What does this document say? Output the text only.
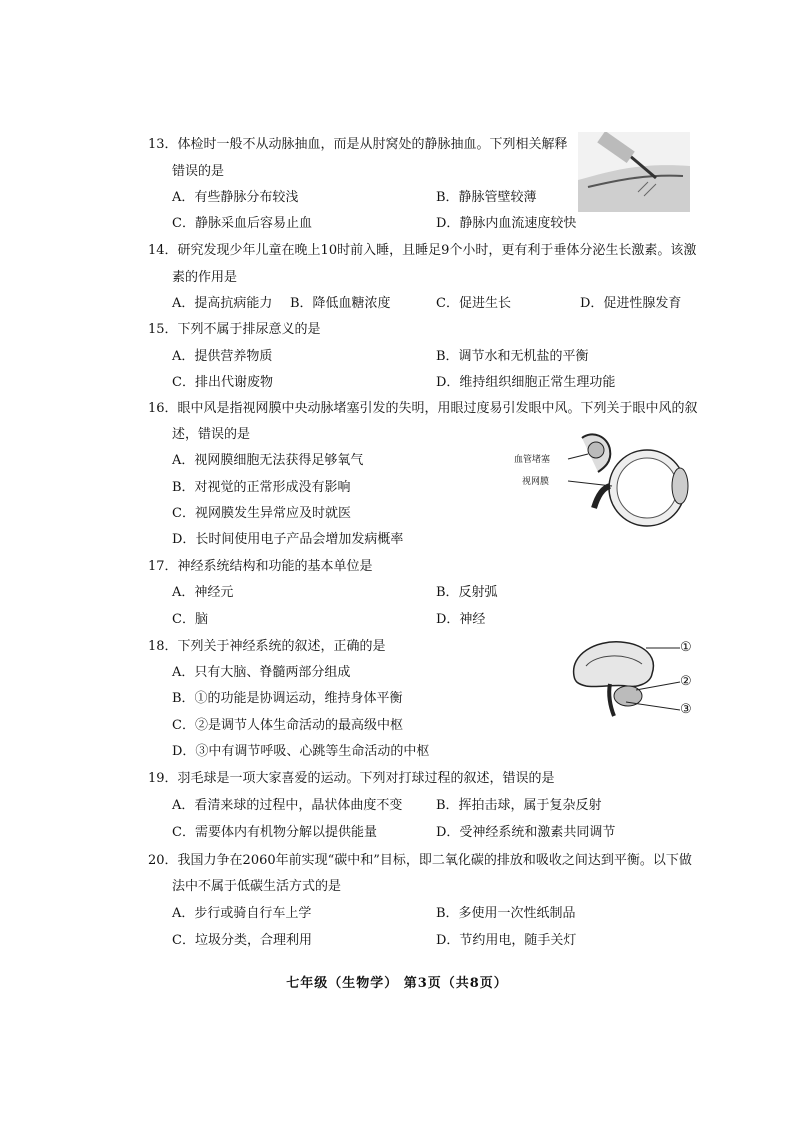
13．体检时一般不从动脉抽血，而是从肘窝处的静脉抽血。下列相关解释
错误的是
A．有些静脉分布较浅	B．静脉管壁较薄
C．静脉采血后容易止血	D．静脉内血流速度较快
14．研究发现少年儿童在晚上10时前入睡，且睡足9个小时，更有利于垂体分泌生长激素。该激
素的作用是
A．提高抗病能力 B．降低血糖浓度	C．促进生长	D．促进性腺发育
15．下列不属于排尿意义的是
A．提供营养物质	B．调节水和无机盐的平衡
C．排出代谢废物	D．维持组织细胞正常生理功能
16．眼中风是指视网膜中央动脉堵塞引发的失明，用眼过度易引发眼中风。下列关于眼中风的叙
述，错误的是
A．视网膜细胞无法获得足够氧气
B．对视觉的正常形成没有影响
C．视网膜发生异常应及时就医
D．长时间使用电子产品会增加发病概率
血管堵塞
视网膜
17．神经系统结构和功能的基本单位是
A．神经元	B．反射弧
C．脑	D．神经
18．下列关于神经系统的叙述，正确的是
A．只有大脑、脊髓两部分组成
B．①的功能是协调运动，维持身体平衡
C．②是调节人体生命活动的最高级中枢
D．③中有调节呼吸、心跳等生命活动的中枢
①
②
③
19．羽毛球是一项大家喜爱的运动。下列对打球过程的叙述，错误的是
A．看清来球的过程中，晶状体曲度不变	B．挥拍击球，属于复杂反射
C．需要体内有机物分解以提供能量	D．受神经系统和激素共同调节
20．我国力争在2060年前实现“碳中和”目标，即二氧化碳的排放和吸收之间达到平衡。以下做
法中不属于低碳生活方式的是
A．步行或骑自行车上学	B．多使用一次性纸制品
C．垃圾分类，合理利用	D．节约用电，随手关灯
七年级（生物学） 第3页（共8页）
